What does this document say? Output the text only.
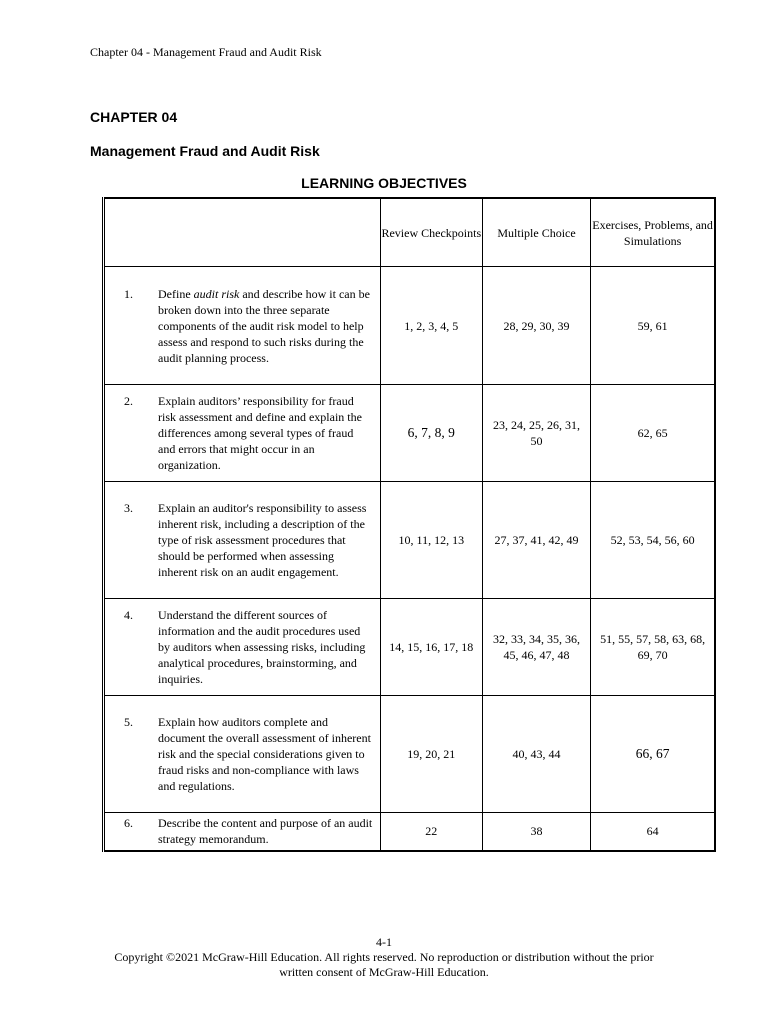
Chapter 04 - Management Fraud and Audit Risk
CHAPTER 04
Management Fraud and Audit Risk
LEARNING OBJECTIVES
	Review Checkpoints	Multiple Choice	Exercises, Problems, and Simulations

1. Define audit risk and describe how it can be broken down into the three separate components of the audit risk model to help assess and respond to such risks during the audit planning process.	1, 2, 3, 4, 5	28, 29, 30, 39	59, 61

2. Explain auditors’ responsibility for fraud risk assessment and define and explain the differences among several types of fraud and errors that might occur in an organization.	6, 7, 8, 9	23, 24, 25, 26, 31, 50	62, 65

3. Explain an auditor's responsibility to assess inherent risk, including a description of the type of risk assessment procedures that should be performed when assessing inherent risk on an audit engagement.	10, 11, 12, 13	27, 37, 41, 42, 49	52, 53, 54, 56, 60

4. Understand the different sources of information and the audit procedures used by auditors when assessing risks, including analytical procedures, brainstorming, and inquiries.	14, 15, 16, 17, 18	32, 33, 34, 35, 36, 45, 46, 47, 48	51, 55, 57, 58, 63, 68, 69, 70

5. Explain how auditors complete and document the overall assessment of inherent risk and the special considerations given to fraud risks and non-compliance with laws and regulations.	19, 20, 21	40, 43, 44	66, 67

6. Describe the content and purpose of an audit strategy memorandum.	22	38	64
4-1
Copyright ©2021 McGraw-Hill Education. All rights reserved. No reproduction or distribution without the prior written consent of McGraw-Hill Education.
